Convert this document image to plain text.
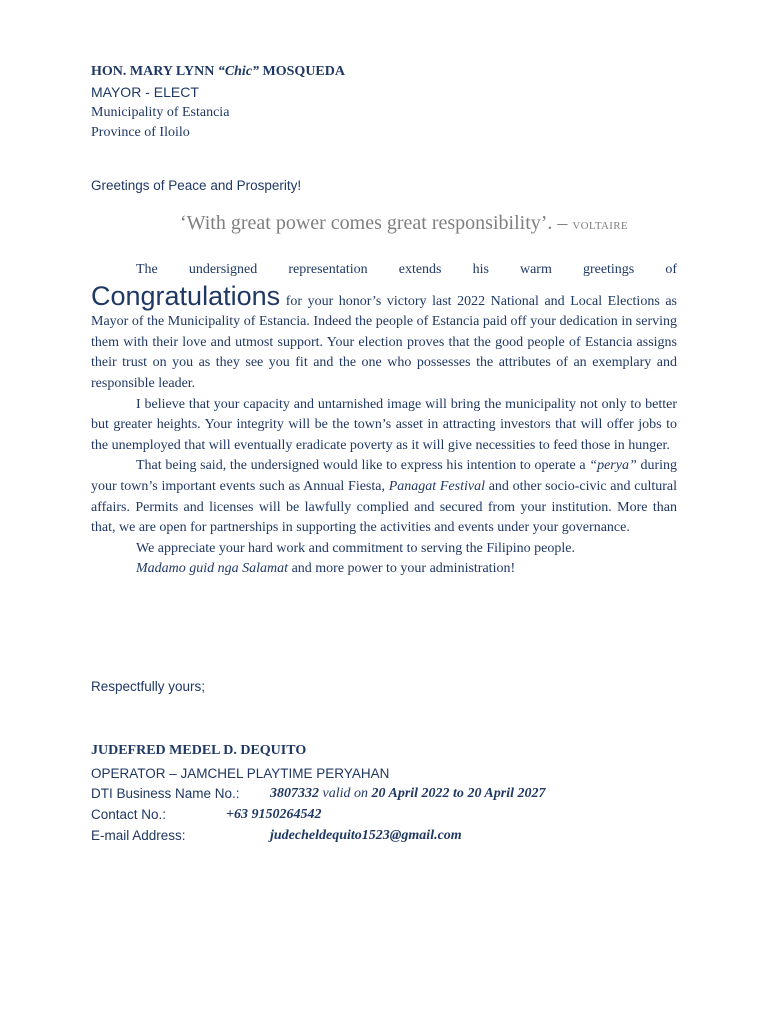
HON. MARY LYNN “Chic” MOSQUEDA
MAYOR - ELECT
Municipality of Estancia
Province of Iloilo
Greetings of Peace and Prosperity!
‘With great power comes great responsibility’. – VOLTAIRE

The undersigned representation extends his warm greetings of

Congratulations for your honor’s victory last 2022 National and Local Elections as Mayor of the Municipality of Estancia. Indeed the people of Estancia paid off your dedication in serving them with their love and utmost support. Your election proves that the good people of Estancia assigns their trust on you as they see you fit and the one who possesses the attributes of an exemplary and responsible leader.

I believe that your capacity and untarnished image will bring the municipality not only to better but greater heights. Your integrity will be the town’s asset in attracting investors that will offer jobs to the unemployed that will eventually eradicate poverty as it will give necessities to feed those in hunger.

That being said, the undersigned would like to express his intention to operate a “perya” during your town’s important events such as Annual Fiesta, Panagat Festival and other socio-civic and cultural affairs. Permits and licenses will be lawfully complied and secured from your institution. More than that, we are open for partnerships in supporting the activities and events under your governance.

We appreciate your hard work and commitment to serving the Filipino people.

Madamo guid nga Salamat and more power to your administration!

Respectfully yours;
JUDEFRED MEDEL D. DEQUITO
OPERATOR – JAMCHEL PLAYTIME PERYAHAN
DTI Business Name No.: 3807332 valid on 20 April 2022 to 20 April 2027
Contact No.:	+63 9150264542
E-mail Address:	judecheldequito1523@gmail.com
